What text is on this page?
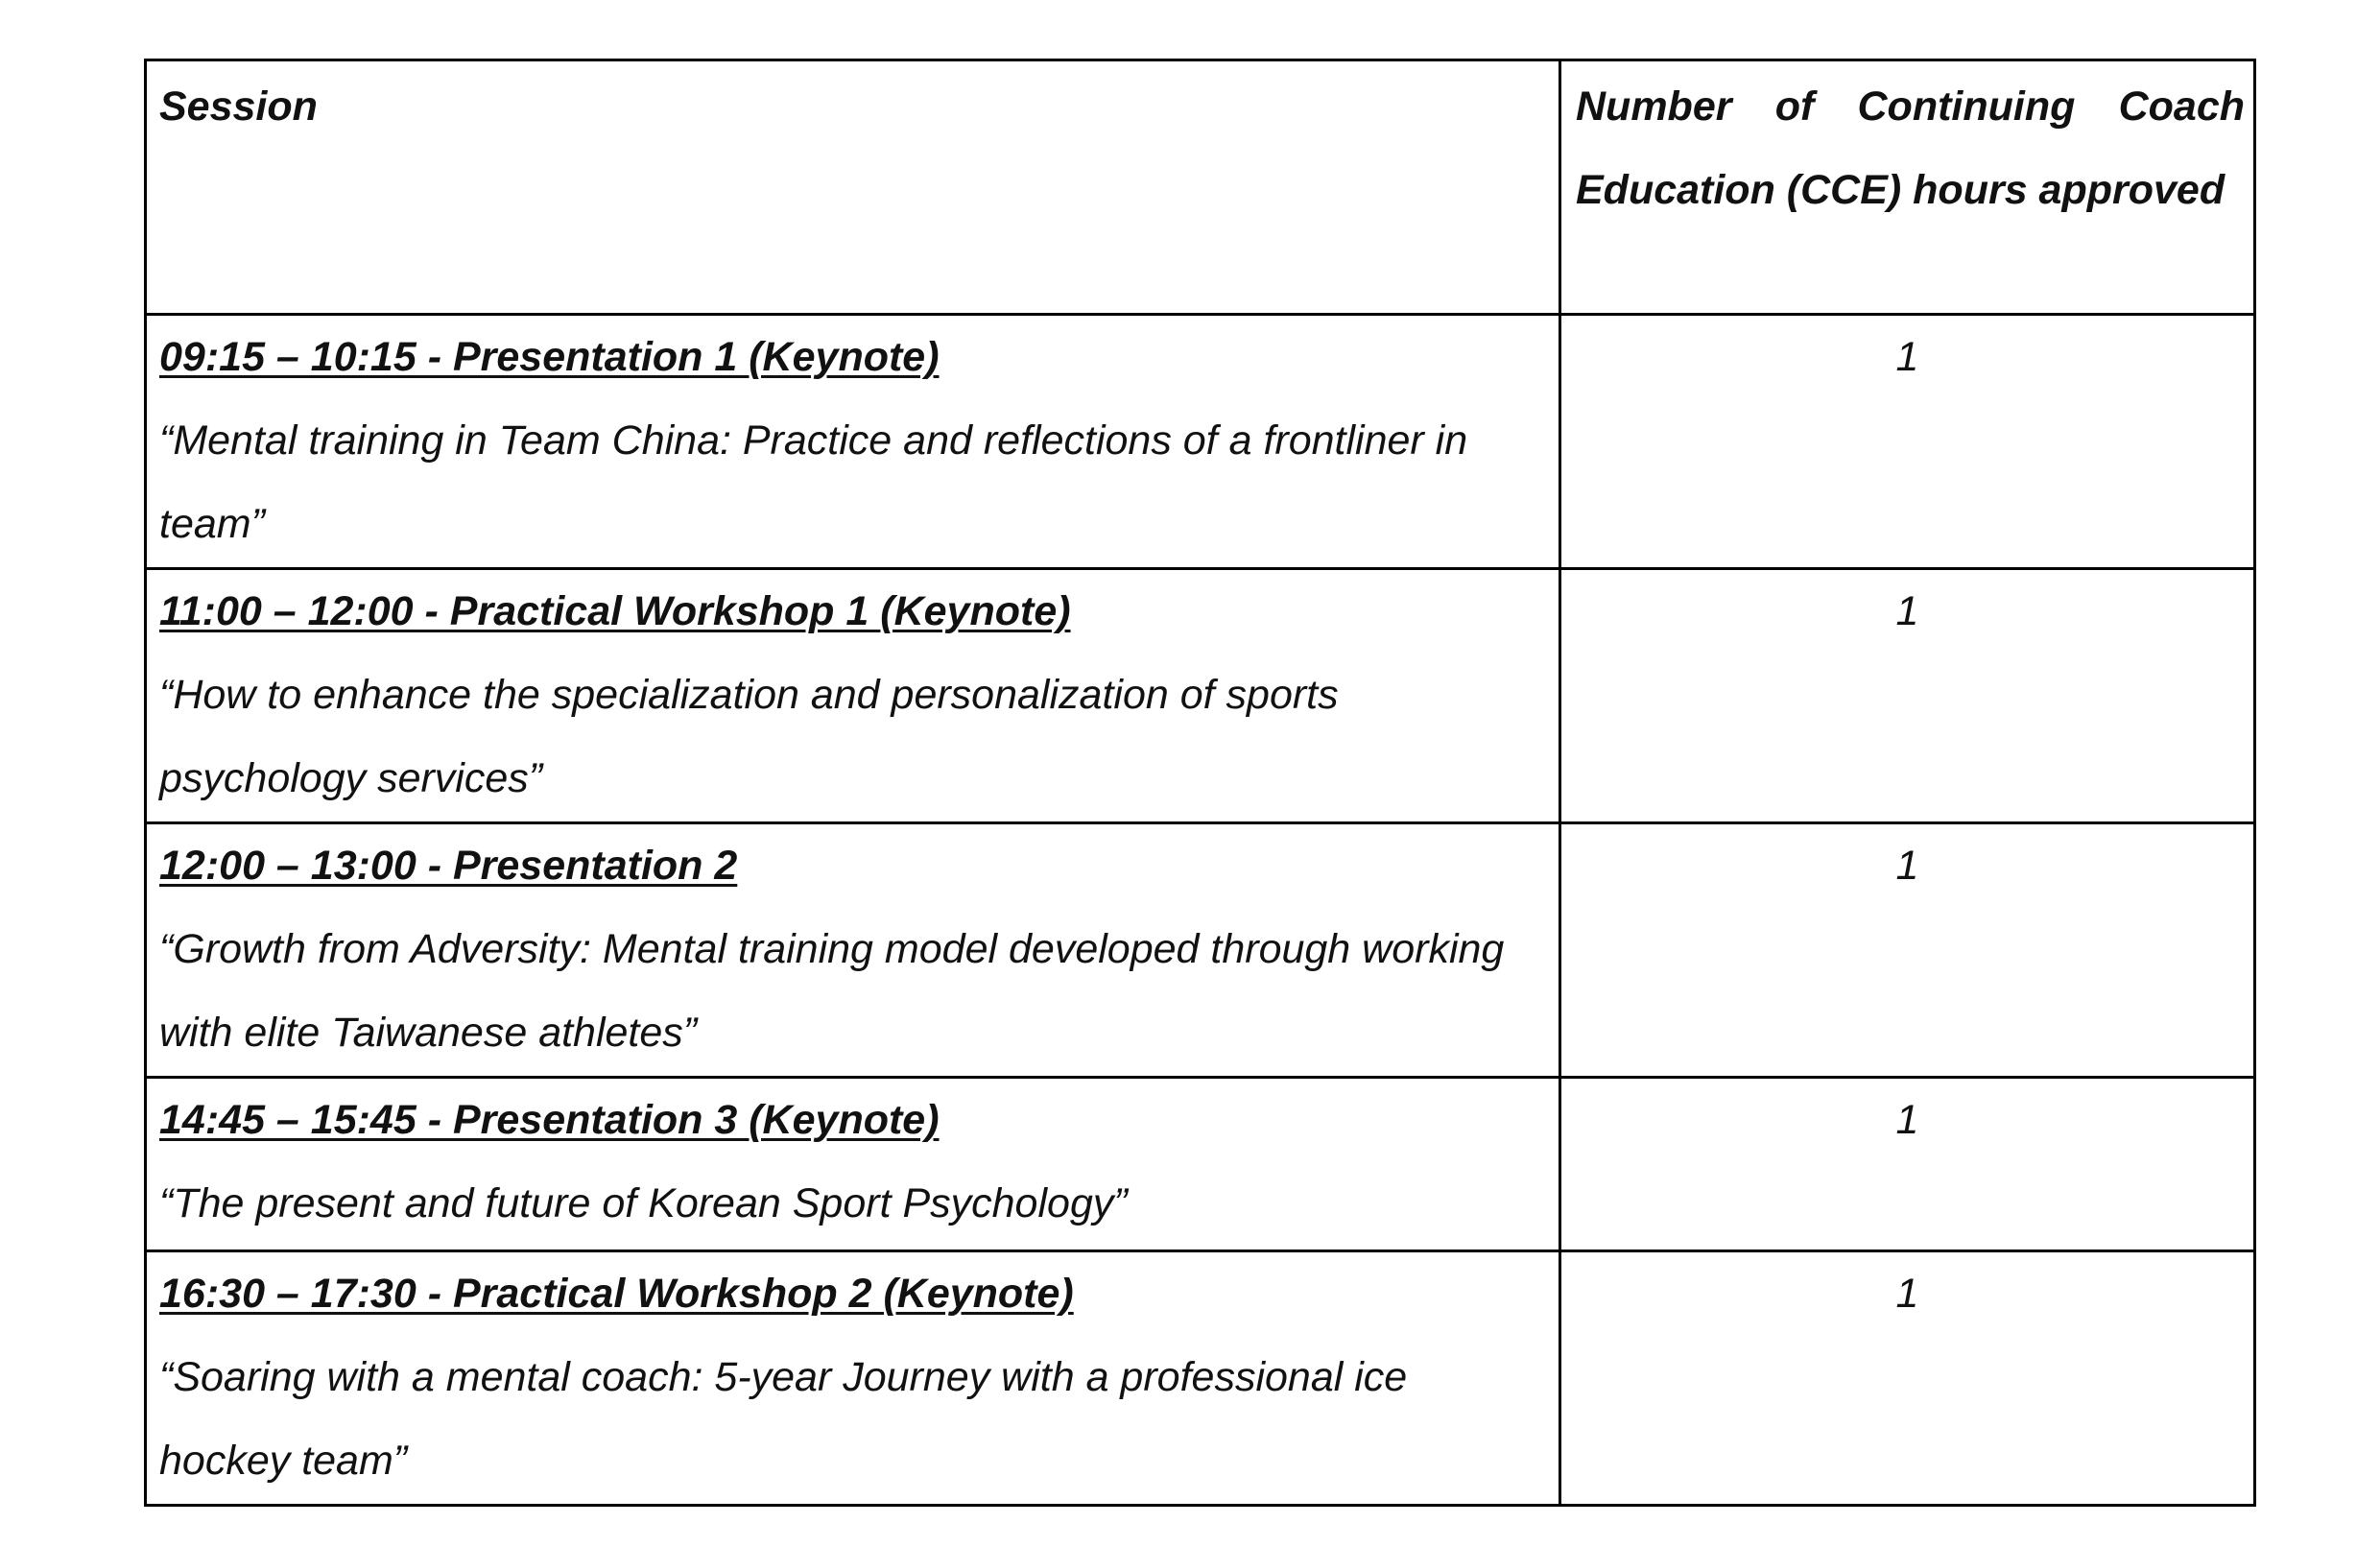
Session	Number of Continuing Coach Education (CCE) hours approved

09:15 – 10:15 - Presentation 1 (Keynote)
“Mental training in Team China: Practice and reflections of a frontliner in team”	1

11:00 – 12:00 - Practical Workshop 1 (Keynote)
“How to enhance the specialization and personalization of sports psychology services”	1

12:00 – 13:00 - Presentation 2
“Growth from Adversity: Mental training model developed through working with elite Taiwanese athletes”	1

14:45 – 15:45 - Presentation 3 (Keynote)
“The present and future of Korean Sport Psychology”	1

16:30 – 17:30 - Practical Workshop 2 (Keynote)
“Soaring with a mental coach: 5-year Journey with a professional ice hockey team”	1
